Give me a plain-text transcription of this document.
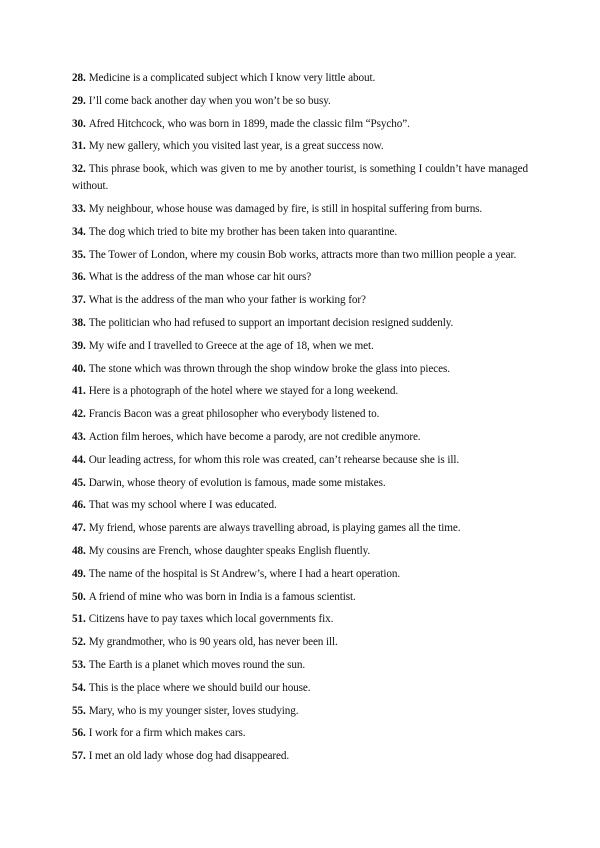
28. Medicine is a complicated subject which I know very little about.
29. I’ll come back another day when you won’t be so busy.
30. Afred Hitchcock, who was born in 1899, made the classic film “Psycho”.
31. My new gallery, which you visited last year, is a great success now.
32. This phrase book, which was given to me by another tourist, is something I couldn’t have managed without.
33. My neighbour, whose house was damaged by fire, is still in hospital suffering from burns.
34. The dog which tried to bite my brother has been taken into quarantine.
35. The Tower of London, where my cousin Bob works, attracts more than two million people a year.
36. What is the address of the man whose car hit ours?
37. What is the address of the man who your father is working for?
38. The politician who had refused to support an important decision resigned suddenly.
39. My wife and I travelled to Greece at the age of 18, when we met.
40. The stone which was thrown through the shop window broke the glass into pieces.
41. Here is a photograph of the hotel where we stayed for a long weekend.
42. Francis Bacon was a great philosopher who everybody listened to.
43. Action film heroes, which have become a parody, are not credible anymore.
44. Our leading actress, for whom this role was created, can’t rehearse because she is ill.
45. Darwin, whose theory of evolution is famous, made some mistakes.
46. That was my school where I was educated.
47. My friend, whose parents are always travelling abroad, is playing games all the time.
48. My cousins are French, whose daughter speaks English fluently.
49. The name of the hospital is St Andrew’s, where I had a heart operation.
50. A friend of mine who was born in India is a famous scientist.
51. Citizens have to pay taxes which local governments fix.
52. My grandmother, who is 90 years old, has never been ill.
53. The Earth is a planet which moves round the sun.
54. This is the place where we should build our house.
55. Mary, who is my younger sister, loves studying.
56. I work for a firm which makes cars.
57. I met an old lady whose dog had disappeared.
